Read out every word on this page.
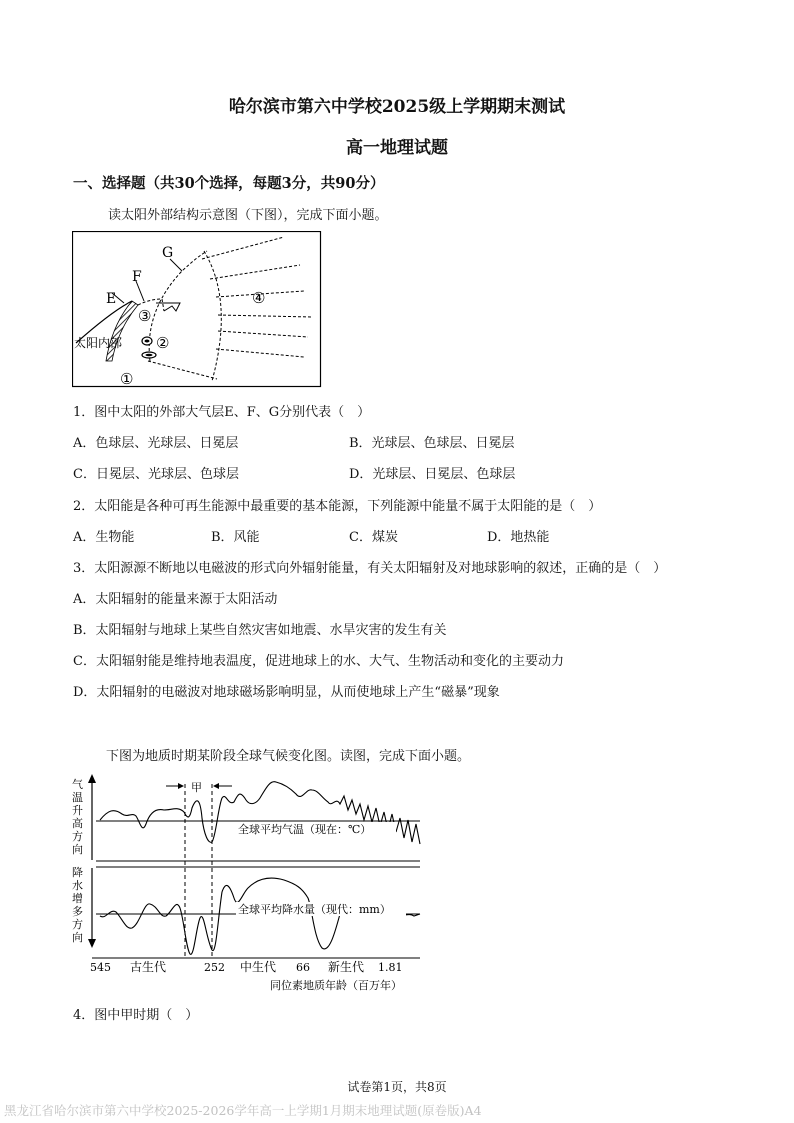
哈尔滨市第六中学校2025级上学期期末测试
高一地理试题
一、选择题（共30个选择，每题3分，共90分）
读太阳外部结构示意图（下图），完成下面小题。
G
F
E
③
②
④
①
太阳内部
1．图中太阳的外部大气层E、F、G分别代表（　）
A．色球层、光球层、日冕层	B．光球层、色球层、日冕层
C．日冕层、光球层、色球层	D．光球层、日冕层、色球层
2．太阳能是各种可再生能源中最重要的基本能源，下列能源中能量不属于太阳能的是（　）
A．生物能	B．风能	C．煤炭	D．地热能
3．太阳源源不断地以电磁波的形式向外辐射能量，有关太阳辐射及对地球影响的叙述，正确的是（　）
A．太阳辐射的能量来源于太阳活动
B．太阳辐射与地球上某些自然灾害如地震、水旱灾害的发生有关
C．太阳辐射能是维持地表温度，促进地球上的水、大气、生物活动和变化的主要动力
D．太阳辐射的电磁波对地球磁场影响明显，从而使地球上产生“磁暴”现象
下图为地质时期某阶段全球气候变化图。读图，完成下面小题。
气 温升高方向
降 水增多方向
甲
全球平均气温（现在：℃）
全球平均降水量（现代：mm）
545 古生代	252 中生代 66 新生代 1.81
同位素地质年龄（百万年）
4．图中甲时期（　）
试卷第1页，共8页
黑龙江省哈尔滨市第六中学校2025-2026学年高一上学期1月期末地理试题(原卷版)A4
